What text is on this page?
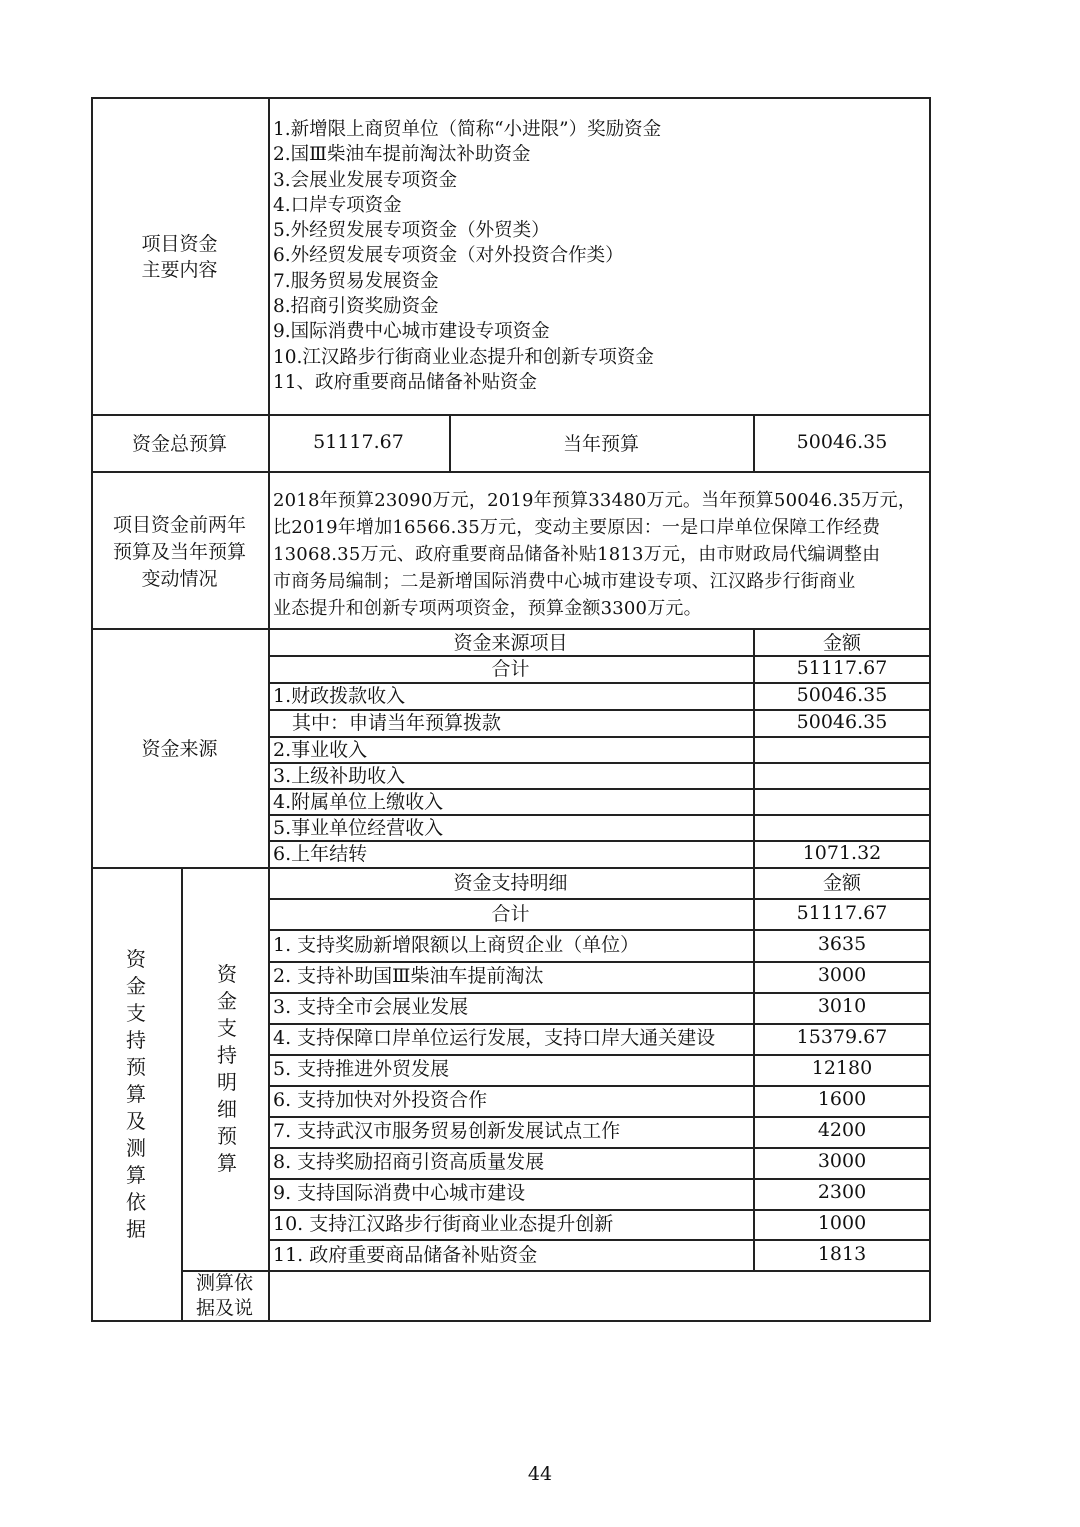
项目资金
主要内容
1.新增限上商贸单位（简称“小进限”）奖励资金
2.国Ⅲ柴油车提前淘汰补助资金
3.会展业发展专项资金
4.口岸专项资金
5.外经贸发展专项资金（外贸类）
6.外经贸发展专项资金（对外投资合作类）
7.服务贸易发展资金
8.招商引资奖励资金
9.国际消费中心城市建设专项资金
10.江汉路步行街商业业态提升和创新专项资金
11、政府重要商品储备补贴资金
资金总预算	51117.67	当年预算	50046.35
项目资金前两年
预算及当年预算
变动情况
2018年预算23090万元，2019年预算33480万元。当年预算50046.35万元，
比2019年增加16566.35万元，变动主要原因：一是口岸单位保障工作经费
13068.35万元、政府重要商品储备补贴1813万元，由市财政局代编调整由
市商务局编制；二是新增国际消费中心城市建设专项、江汉路步行街商业
业态提升和创新专项两项资金，预算金额3300万元。
资金来源
资金来源项目	金额
合计	51117.67
1.财政拨款收入	50046.35
其中：申请当年预算拨款	50046.35
2.事业收入
3.上级补助收入
4.附属单位上缴收入
5.事业单位经营收入
6.上年结转	1071.32
资
金
支
持
预
算
及
测
算
依
据
资
金
支
持
明
细
预
算
资金支持明细	金额
合计	51117.67
1. 支持奖励新增限额以上商贸企业（单位）	3635
2. 支持补助国Ⅲ柴油车提前淘汰	3000
3. 支持全市会展业发展	3010
4. 支持保障口岸单位运行发展，支持口岸大通关建设	15379.67
5. 支持推进外贸发展	12180
6. 支持加快对外投资合作	1600
7. 支持武汉市服务贸易创新发展试点工作	4200
8. 支持奖励招商引资高质量发展	3000
9. 支持国际消费中心城市建设	2300
10. 支持江汉路步行街商业业态提升创新	1000
11. 政府重要商品储备补贴资金	1813
测算依
据及说
44
